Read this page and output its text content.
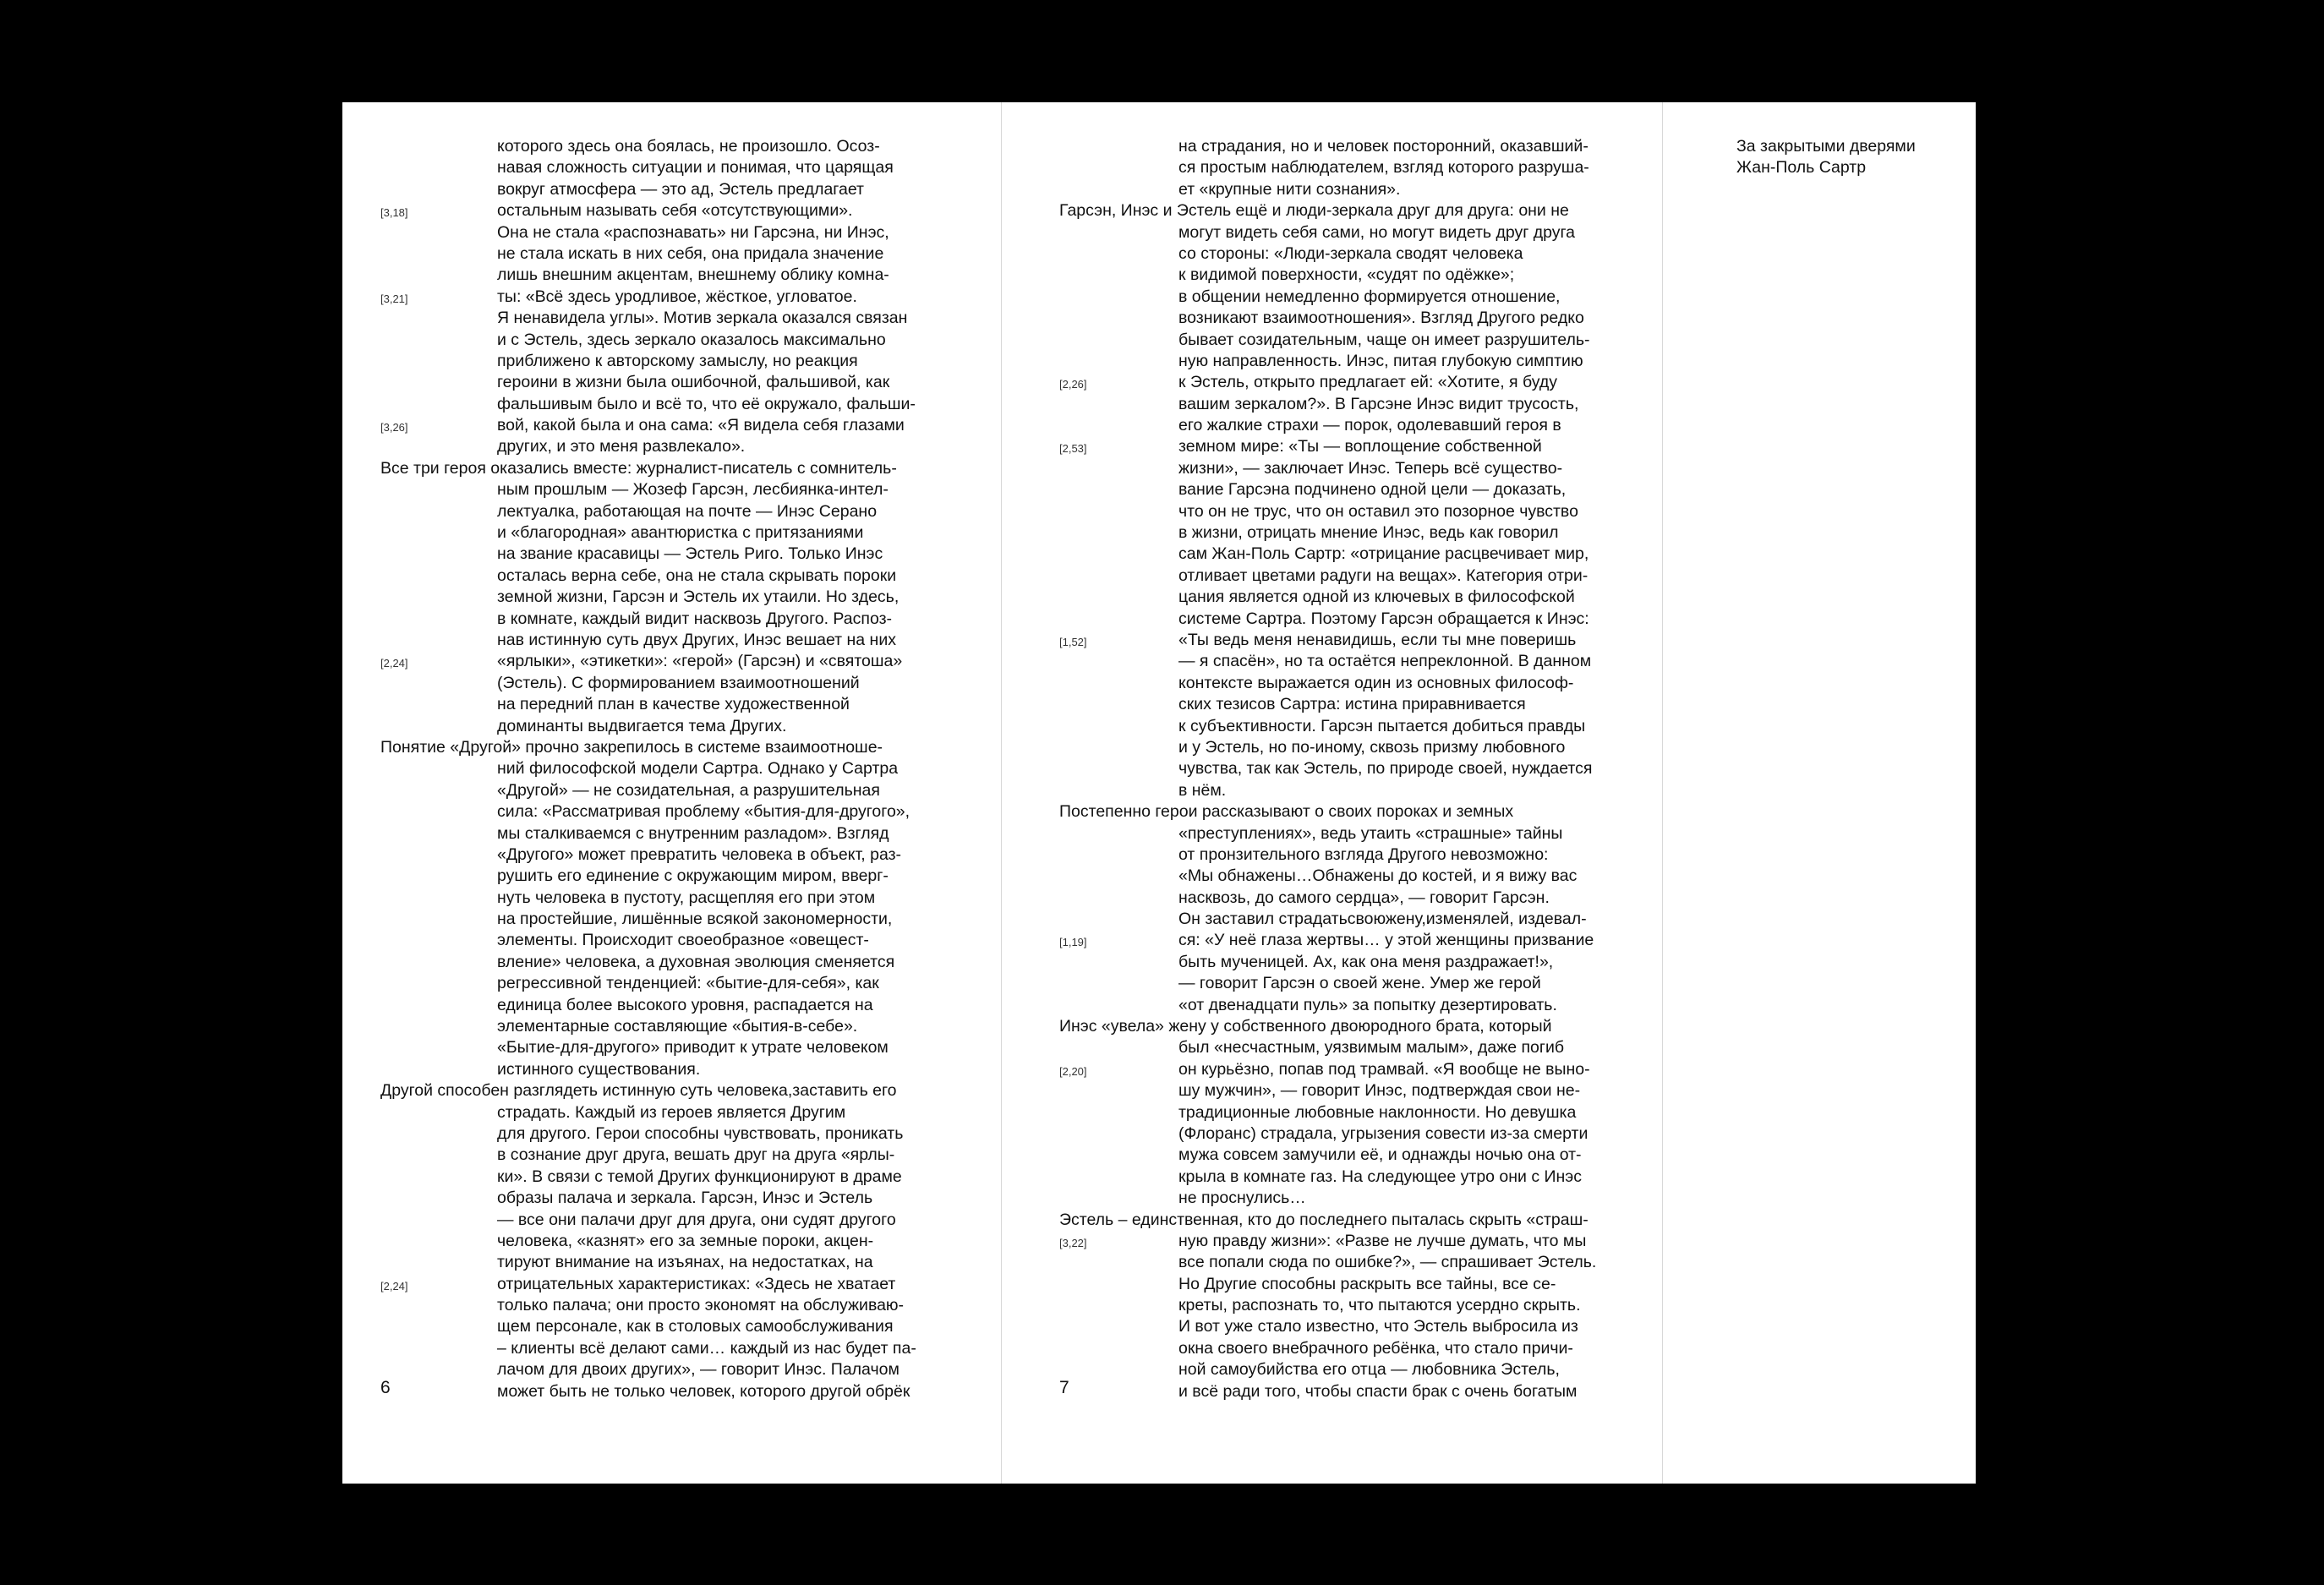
которого здесь она боялась, не произошло. Осоз-
навая сложность ситуации и понимая, что царящая
вокруг атмосфера — это ад, Эстель предлагает
[3,18]	остальным называть себя «отсутствующими».
Она не стала «распознавать» ни Гарсэна, ни Инэс,
не стала искать в них себя, она придала значение
лишь внешним акцентам, внешнему облику комна-
[3,21]	ты: «Всё здесь уродливое, жёсткое, угловатое.
Я ненавидела углы». Мотив зеркала оказался связан
и с Эстель, здесь зеркало оказалось максимально
приближено к авторскому замыслу, но реакция
героини в жизни была ошибочной, фальшивой, как
фальшивым было и всё то, что её окружало, фальши-
[3,26]	вой, какой была и она сама: «Я видела себя глазами
других, и это меня развлекало».
Все три героя оказались вместе: журналист-писатель с сомнитель-
ным прошлым — Жозеф Гарсэн, лесбиянка-интел-
лектуалка, работающая на почте — Инэс Серано
и «благородная» авантюристка с притязаниями
на звание красавицы — Эстель Риго. Только Инэс
осталась верна себе, она не стала скрывать пороки
земной жизни, Гарсэн и Эстель их утаили. Но здесь,
в комнате, каждый видит насквозь Другого. Распоз-
нав истинную суть двух Других, Инэс вешает на них
[2,24]	«ярлыки», «этикетки»: «герой» (Гарсэн) и «святоша»
(Эстель). С формированием взаимоотношений
на передний план в качестве художественной
доминанты выдвигается тема Других.
Понятие «Другой» прочно закрепилось в системе взаимоотноше-
ний философской модели Сартра. Однако у Сартра
«Другой» — не созидательная, а разрушительная
сила: «Рассматривая проблему «бытия-для-другого»,
мы сталкиваемся с внутренним разладом». Взгляд
«Другого» может превратить человека в объект, раз-
рушить его единение с окружающим миром, вверг-
нуть человека в пустоту, расщепляя его при этом
на простейшие, лишённые всякой закономерности,
элементы. Происходит своеобразное «овещест-
вление» человека, а духовная эволюция сменяется
регрессивной тенденцией: «бытие-для-себя», как
единица более высокого уровня, распадается на
элементарные составляющие «бытия-в-себе».
«Бытие-для-другого» приводит к утрате человеком
истинного существования.
Другой способен разглядеть истинную суть человека,заставить его
страдать. Каждый из героев является Другим
для другого. Герои способны чувствовать, проникать
в сознание друг друга, вешать друг на друга «ярлы-
ки». В связи с темой Других функционируют в драме
образы палача и зеркала. Гарсэн, Инэс и Эстель
— все они палачи друг для друга, они судят другого
человека, «казнят» его за земные пороки, акцен-
тируют внимание на изъянах, на недостатках, на
[2,24]	отрицательных характеристиках: «Здесь не хватает
только палача; они просто экономят на обслуживаю-
щем персонале, как в столовых самообслуживания
– клиенты всё делают сами… каждый из нас будет па-
лачом для двоих других», — говорит Инэс. Палачом
может быть не только человек, которого другой обрёк
6
на страдания, но и человек посторонний, оказавший-
ся простым наблюдателем, взгляд которого разруша-
ет «крупные нити сознания».
Гарсэн, Инэс и Эстель ещё и люди-зеркала друг для друга: они не
могут видеть себя сами, но могут видеть друг друга
со стороны: «Люди-зеркала сводят человека
к видимой поверхности, «судят по одёжке»;
в общении немедленно формируется отношение,
возникают взаимоотношения». Взгляд Другого редко
бывает созидательным, чаще он имеет разрушитель-
ную направленность. Инэс, питая глубокую симптию
[2,26]	к Эстель, открыто предлагает ей: «Хотите, я буду
вашим зеркалом?». В Гарсэне Инэс видит трусость,
его жалкие страхи — порок, одолевавший героя в
[2,53]	земном мире: «Ты — воплощение собственной
жизни», — заключает Инэс. Теперь всё существо-
вание Гарсэна подчинено одной цели — доказать,
что он не трус, что он оставил это позорное чувство
в жизни, отрицать мнение Инэс, ведь как говорил
сам Жан-Поль Сартр: «отрицание расцвечивает мир,
отливает цветами радуги на вещах». Категория отри-
цания является одной из ключевых в философской
системе Сартра. Поэтому Гарсэн обращается к Инэс:
[1,52]	«Ты ведь меня ненавидишь, если ты мне поверишь
— я спасён», но та остаётся непреклонной. В данном
контексте выражается один из основных философ-
ских тезисов Сартра: истина приравнивается
к субъективности. Гарсэн пытается добиться правды
и у Эстель, но по-иному, сквозь призму любовного
чувства, так как Эстель, по природе своей, нуждается
в нём.
Постепенно герои рассказывают о своих пороках и земных
«преступлениях», ведь утаить «страшные» тайны
от пронзительного взгляда Другого невозможно:
«Мы обнажены…Обнажены до костей, и я вижу вас
насквозь, до самого сердца», — говорит Гарсэн.
Он заставил страдатьсвоюжену,изменялей, издевал-
[1,19]	ся: «У неё глаза жертвы… у этой женщины призвание
быть мученицей. Ах, как она меня раздражает!»,
— говорит Гарсэн о своей жене. Умер же герой
«от двенадцати пуль» за попытку дезертировать.
Инэс «увела» жену у собственного двоюродного брата, который
был «несчастным, уязвимым малым», даже погиб
[2,20]	он курьёзно, попав под трамвай. «Я вообще не выно-
шу мужчин», — говорит Инэс, подтверждая свои не-
традиционные любовные наклонности. Но девушка
(Флоранс) страдала, угрызения совести из-за смерти
мужа совсем замучили её, и однажды ночью она от-
крыла в комнате газ. На следующее утро они с Инэс
не проснулись…
Эстель – единственная, кто до последнего пыталась скрыть «страш-
[3,22]	ную правду жизни»: «Разве не лучше думать, что мы
все попали сюда по ошибке?», — спрашивает Эстель.
Но Другие способны раскрыть все тайны, все се-
креты, распознать то, что пытаются усердно скрыть.
И вот уже стало известно, что Эстель выбросила из
окна своего внебрачного ребёнка, что стало причи-
ной самоубийства его отца — любовника Эстель,
и всё ради того, чтобы спасти брак с очень богатым
7
За закрытыми дверями
Жан-Поль Сартр
